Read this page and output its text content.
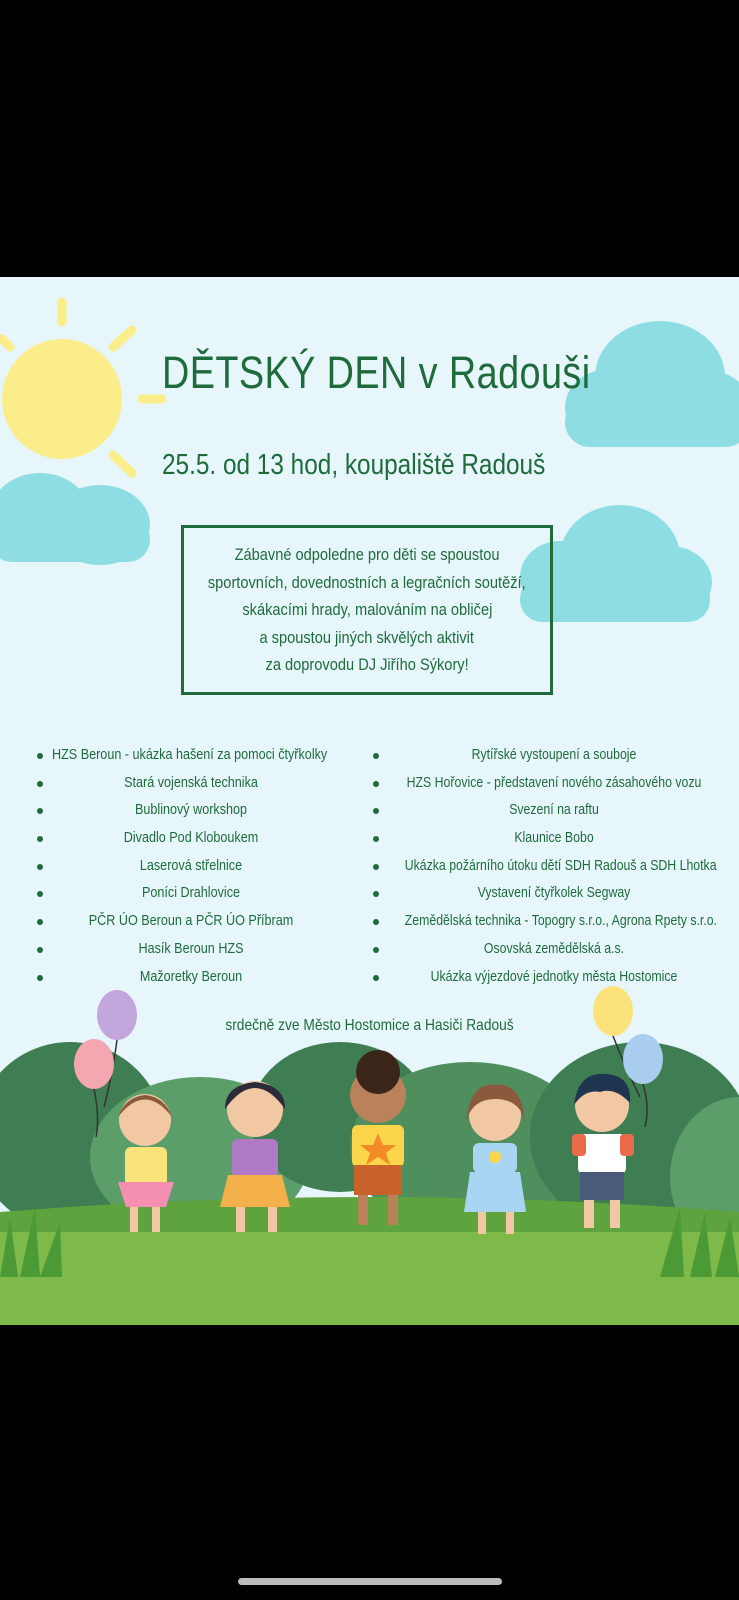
DĚTSKÝ DEN v Radouši

25.5. od 13 hod, koupaliště Radouš

Zábavné odpoledne pro děti se spoustou
sportovních, dovednostních a legračních soutěží,
skákacími hrady, malováním na obličej
a spoustou jiných skvělých aktivit
za doprovodu DJ Jiřího Sýkory!
HZS Beroun - ukázka hašení za pomoci čtyřkolky
Stará vojenská technika
Bublinový workshop
Divadlo Pod Kloboukem
Laserová střelnice
Poníci Drahlovice
PČR ÚO Beroun a PČR ÚO Příbram
Hasík Beroun HZS
Mažoretky Beroun
Rytířské vystoupení a souboje
HZS Hořovice - představení nového zásahového vozu
Svezení na raftu
Klaunice Bobo
Ukázka požárního útoku dětí SDH Radouš a SDH Lhotka
Vystavení čtyřkolek Segway
Zemědělská technika - Topogry s.r.o., Agrona Rpety s.r.o.
Osovská zemědělská a.s.
Ukázka výjezdové jednotky města Hostomice

srdečně zve Město Hostomice a Hasiči Radouš
